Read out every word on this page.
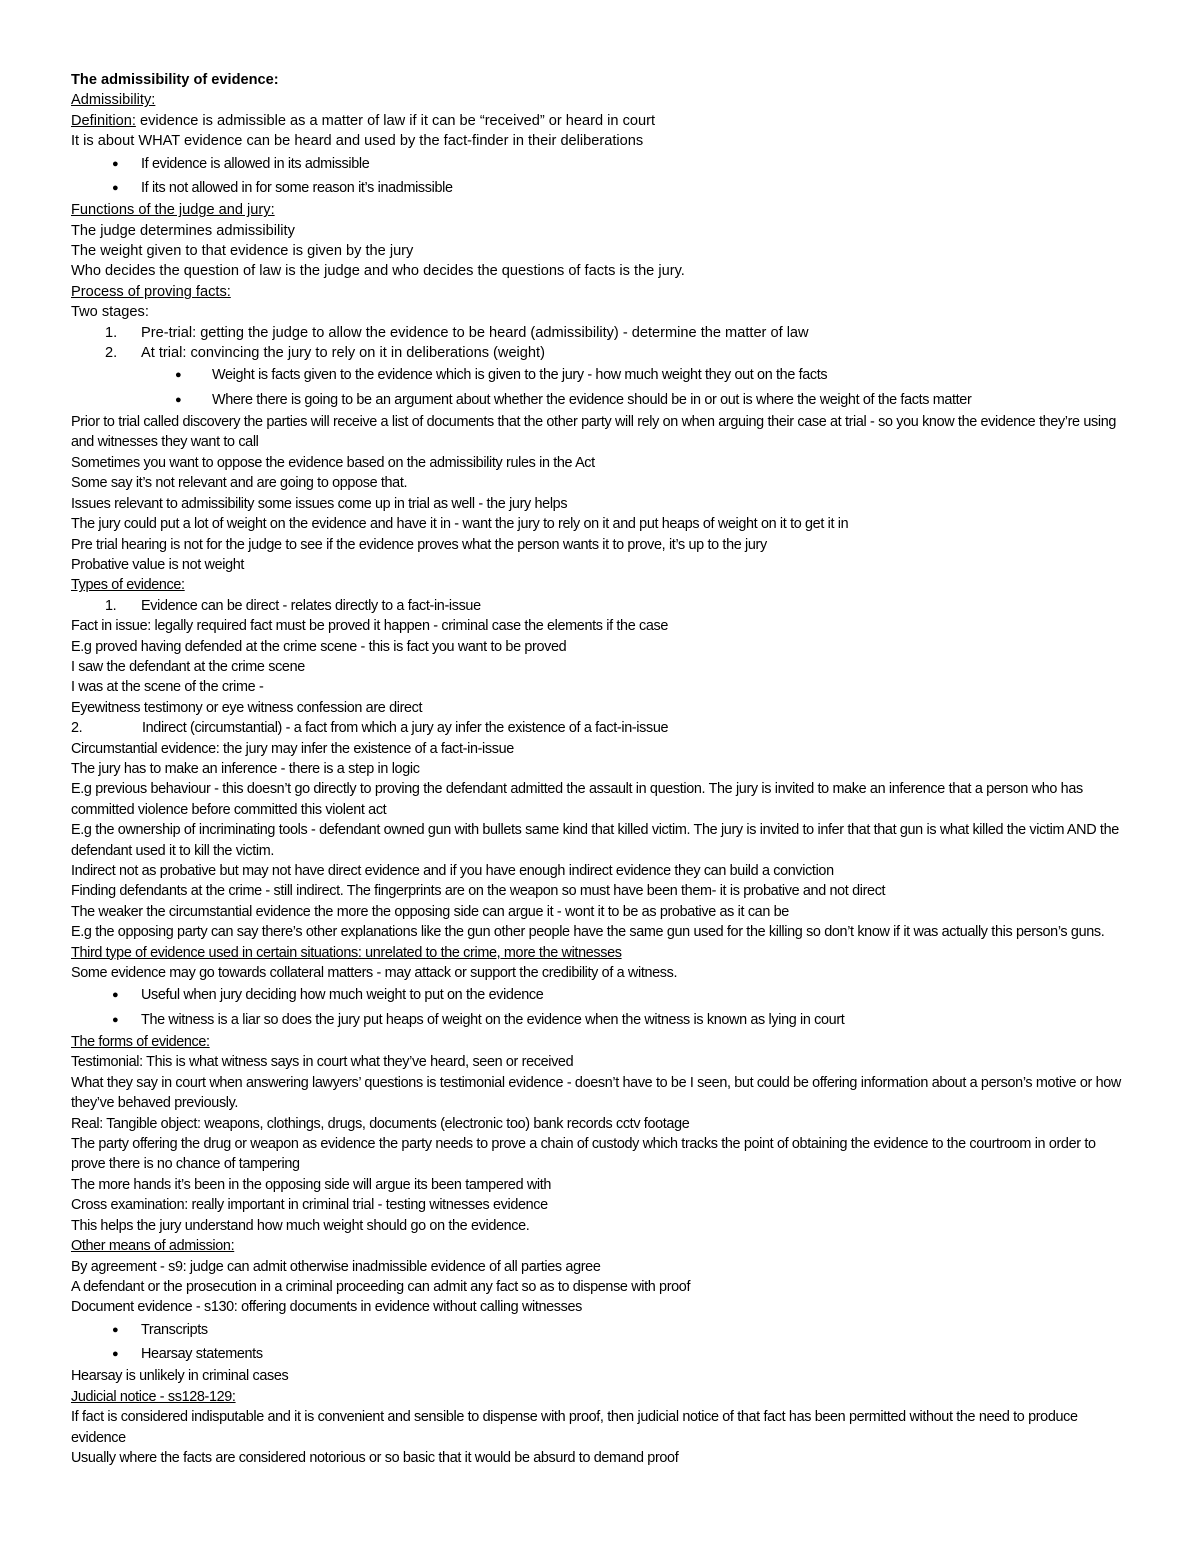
The admissibility of evidence:
Admissibility:
Definition: evidence is admissible as a matter of law if it can be “received” or heard in court
It is about WHAT evidence can be heard and used by the fact-finder in their deliberations
● If evidence is allowed in its admissible
● If its not allowed in for some reason it’s inadmissible
Functions of the judge and jury:
The judge determines admissibility
The weight given to that evidence is given by the jury
Who decides the question of law is the judge and who decides the questions of facts is the jury.
Process of proving facts:
Two stages:
1. Pre-trial: getting the judge to allow the evidence to be heard (admissibility) - determine the matter of law
2. At trial: convincing the jury to rely on it in deliberations (weight)
● Weight is facts given to the evidence which is given to the jury - how much weight they out on the facts
● Where there is going to be an argument about whether the evidence should be in or out is where the weight of the facts matter
Prior to trial called discovery the parties will receive a list of documents that the other party will rely on when arguing their case at trial - so you know the evidence they’re using and witnesses they want to call
Sometimes you want to oppose the evidence based on the admissibility rules in the Act
Some say it’s not relevant and are going to oppose that.
Issues relevant to admissibility some issues come up in trial as well - the jury helps
The jury could put a lot of weight on the evidence and have it in - want the jury to rely on it and put heaps of weight on it to get it in
Pre trial hearing is not for the judge to see if the evidence proves what the person wants it to prove, it’s up to the jury
Probative value is not weight
Types of evidence:
1. Evidence can be direct - relates directly to a fact-in-issue
Fact in issue: legally required fact must be proved it happen - criminal case the elements if the case
E.g proved having defended at the crime scene - this is fact you want to be proved
I saw the defendant at the crime scene
I was at the scene of the crime -
Eyewitness testimony or eye witness confession are direct
2.	Indirect (circumstantial) - a fact from which a jury ay infer the existence of a fact-in-issue
Circumstantial evidence: the jury may infer the existence of a fact-in-issue
The jury has to make an inference - there is a step in logic
E.g previous behaviour - this doesn’t go directly to proving the defendant admitted the assault in question. The jury is invited to make an inference that a person who has committed violence before committed this violent act
E.g the ownership of incriminating tools - defendant owned gun with bullets same kind that killed victim. The jury is invited to infer that that gun is what killed the victim AND the defendant used it to kill the victim.
Indirect not as probative but may not have direct evidence and if you have enough indirect evidence they can build a conviction
Finding defendants at the crime - still indirect. The fingerprints are on the weapon so must have been them- it is probative and not direct
The weaker the circumstantial evidence the more the opposing side can argue it - wont it to be as probative as it can be
E.g the opposing party can say there’s other explanations like the gun other people have the same gun used for the killing so don’t know if it was actually this person’s guns.
Third type of evidence used in certain situations: unrelated to the crime, more the witnesses
Some evidence may go towards collateral matters - may attack or support the credibility of a witness.
● Useful when jury deciding how much weight to put on the evidence
● The witness is a liar so does the jury put heaps of weight on the evidence when the witness is known as lying in court
The forms of evidence:
Testimonial: This is what witness says in court what they’ve heard, seen or received
What they say in court when answering lawyers’ questions is testimonial evidence - doesn’t have to be I seen, but could be offering information about a person’s motive or how they’ve behaved previously.
Real: Tangible object: weapons, clothings, drugs, documents (electronic too) bank records cctv footage
The party offering the drug or weapon as evidence the party needs to prove a chain of custody which tracks the point of obtaining the evidence to the courtroom in order to prove there is no chance of tampering
The more hands it’s been in the opposing side will argue its been tampered with
Cross examination: really important in criminal trial - testing witnesses evidence
This helps the jury understand how much weight should go on the evidence.
Other means of admission:
By agreement - s9: judge can admit otherwise inadmissible evidence of all parties agree
A defendant or the prosecution in a criminal proceeding can admit any fact so as to dispense with proof
Document evidence - s130: offering documents in evidence without calling witnesses
● Transcripts
● Hearsay statements
Hearsay is unlikely in criminal cases
Judicial notice - ss128-129:
If fact is considered indisputable and it is convenient and sensible to dispense with proof, then judicial notice of that fact has been permitted without the need to produce evidence
Usually where the facts are considered notorious or so basic that it would be absurd to demand proof
